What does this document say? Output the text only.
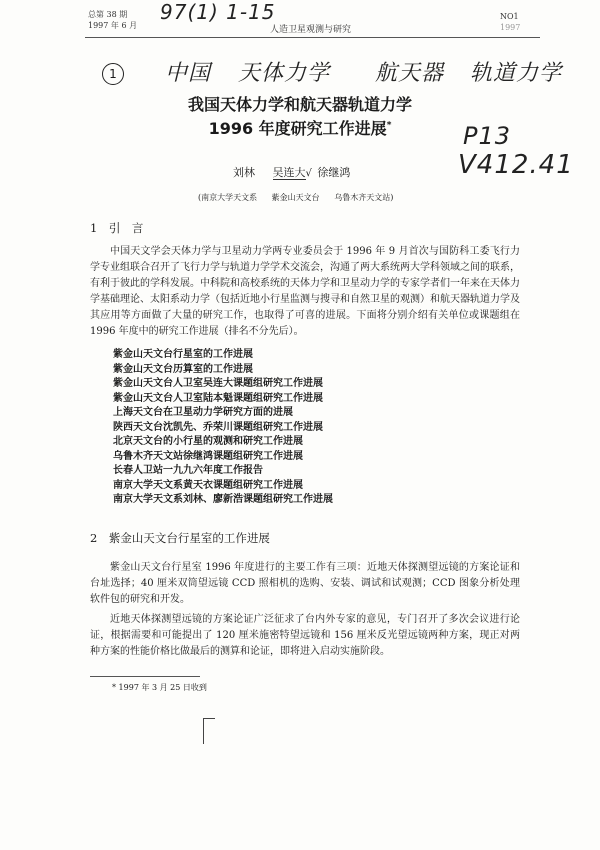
总第 38 期
1997 年 6 月	人造卫星观测与研究
NO1
1997
97(1) 1-15
1	中国 天体力学 航天器 轨道力学
P13
V412.41
我国天体力学和航天器轨道力学
1996 年度研究工作进展*
刘林 吴连大√ 徐继鸿
(南京大学天文系 紫金山天文台 乌鲁木齐天文站)
1　引　言

中国天文学会天体力学与卫星动力学两专业委员会于 1996 年 9 月首次与国防科工委飞行力学专业组联合召开了飞行力学与轨道力学学术交流会，沟通了两大系统两大学科领域之间的联系，有利于彼此的学科发展。中科院和高校系统的天体力学和卫星动力学的专家学者们一年来在天体力学基础理论、太阳系动力学（包括近地小行星监测与搜寻和自然卫星的观测）和航天器轨道力学及其应用等方面做了大量的研究工作，也取得了可喜的进展。下面将分别介绍有关单位或课题组在 1996 年度中的研究工作进展（排名不分先后）。

紫金山天文台行星室的工作进展
紫金山天文台历算室的工作进展
紫金山天文台人卫室吴连大课题组研究工作进展
紫金山天文台人卫室陆本魁课题组研究工作进展
上海天文台在卫星动力学研究方面的进展
陕西天文台沈凯先、乔荣川课题组研究工作进展
北京天文台的小行星的观测和研究工作进展
乌鲁木齐天文站徐继鸿课题组研究工作进展
长春人卫站一九九六年度工作报告
南京大学天文系黄天衣课题组研究工作进展
南京大学天文系刘林、廖新浩课题组研究工作进展
2　紫金山天文台行星室的工作进展

紫金山天文台行星室 1996 年度进行的主要工作有三项：近地天体探测望远镜的方案论证和台址选择；40 厘米双筒望远镜 CCD 照相机的选购、安装、调试和试观测；CCD 图象分析处理软件包的研究和开发。

近地天体探测望远镜的方案论证广泛征求了台内外专家的意见，专门召开了多次会议进行论证，根据需要和可能提出了 120 厘米施密特望远镜和 156 厘米反光望远镜两种方案，现正对两种方案的性能价格比做最后的测算和论证，即将进入启动实施阶段。

* 1997 年 3 月 25 日收到
